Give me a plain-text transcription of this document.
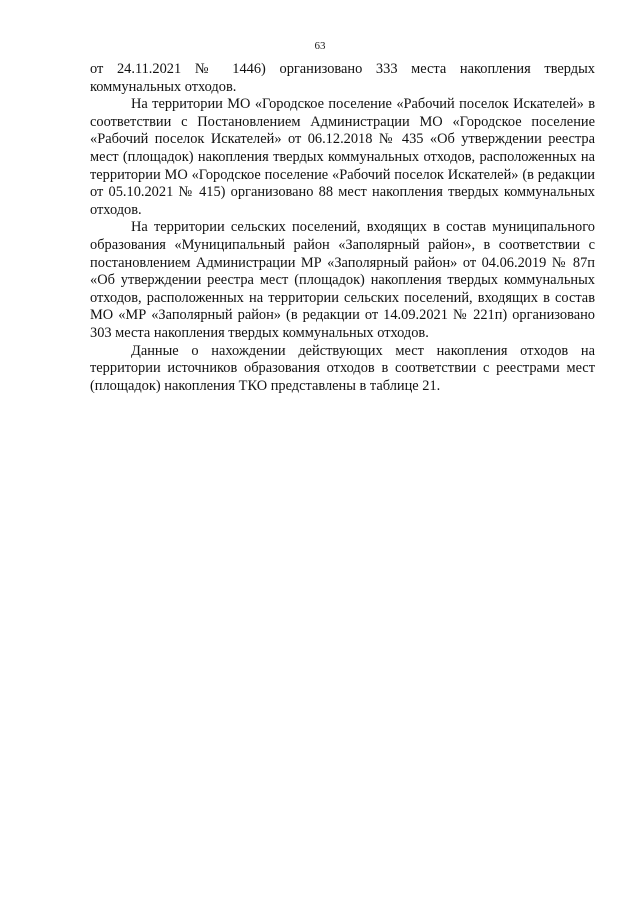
63

от 24.11.2021 № 1446) организовано 333 места накопления твердых коммунальных отходов.

На территории МО «Городское поселение «Рабочий поселок Искателей» в соответствии с Постановлением Администрации МО «Городское поселение «Рабочий поселок Искателей» от 06.12.2018 № 435 «Об утверждении реестра мест (площадок) накопления твердых коммунальных отходов, расположенных на территории МО «Городское поселение «Рабочий поселок Искателей» (в редакции от 05.10.2021 № 415) организовано 88 мест накопления твердых коммунальных отходов.

На территории сельских поселений, входящих в состав муниципального образования «Муниципальный район «Заполярный район», в соответствии с постановлением Администрации МР «Заполярный район» от 04.06.2019 № 87п «Об утверждении реестра мест (площадок) накопления твердых коммунальных отходов, расположенных на территории сельских поселений, входящих в состав МО «МР «Заполярный район» (в редакции от 14.09.2021 № 221п) организовано 303 места накопления твердых коммунальных отходов.

Данные о нахождении действующих мест накопления отходов на территории источников образования отходов в соответствии с реестрами мест (площадок) накопления ТКО представлены в таблице 21.
